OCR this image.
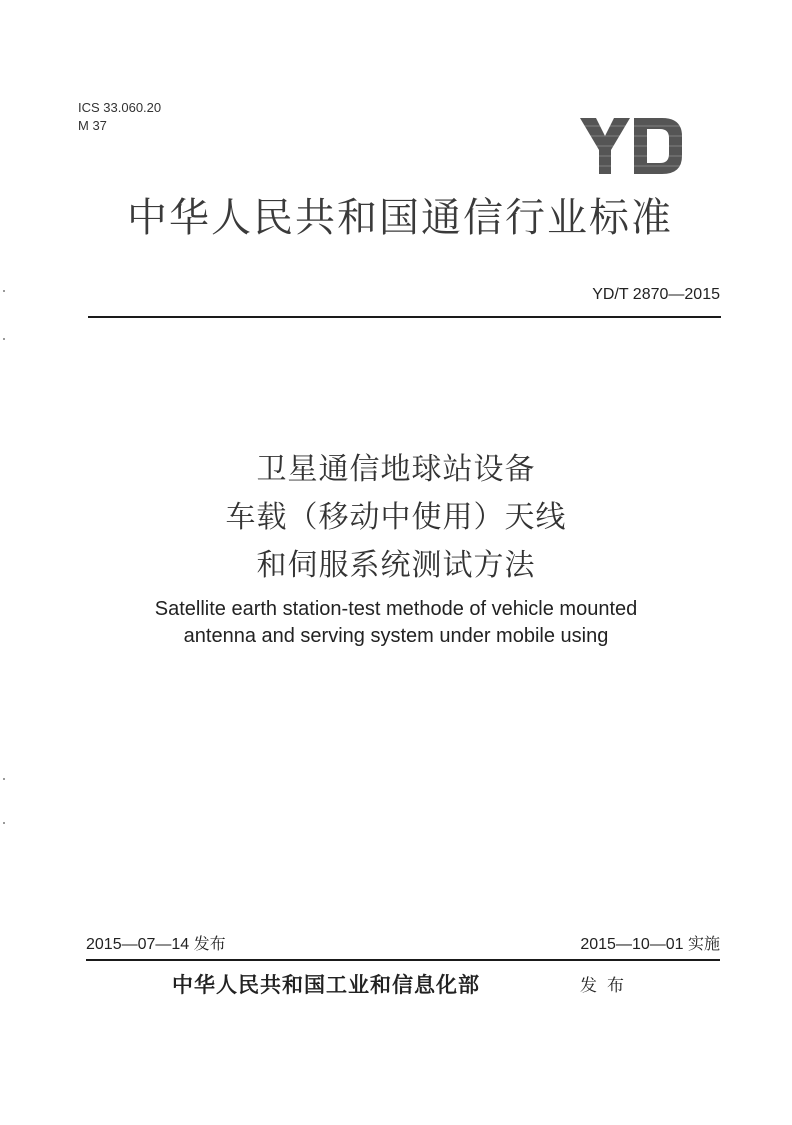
ICS 33.060.20
M 37
中华人民共和国通信行业标准
YD/T 2870—2015
卫星通信地球站设备
车载（移动中使用）天线
和伺服系统测试方法
Satellite earth station-test methode of vehicle mounted
antenna and serving system under mobile using
2015—07—14 发布	2015—10—01 实施
中华人民共和国工业和信息化部	发布
